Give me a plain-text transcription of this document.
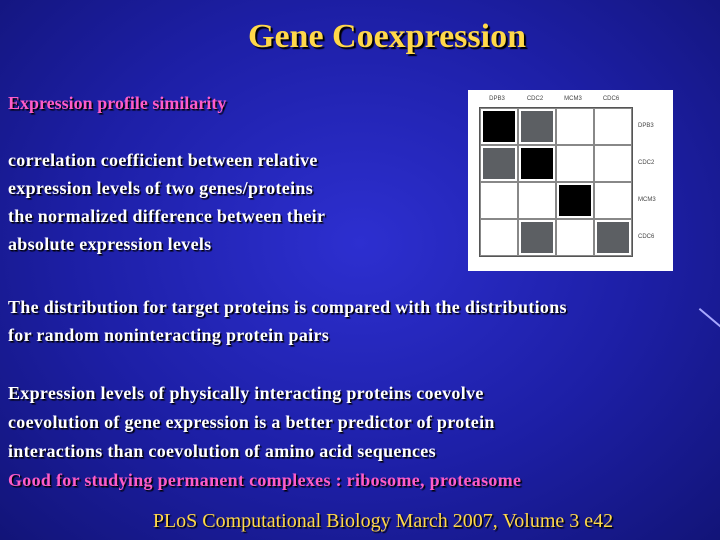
Gene Coexpression
Expression profile similarity
correlation coefficient between relative
expression levels of two genes/proteins
the normalized difference between their
absolute expression levels
DPB3	CDC2	MCM3	CDC6
DPB3
CDC2
MCM3
CDC6
The distribution for target proteins is compared with the distributions
for random noninteracting protein pairs
Expression levels of physically interacting proteins coevolve
coevolution of gene expression is a better predictor of protein
interactions than coevolution of amino acid sequences
Good for studying permanent complexes : ribosome, proteasome
PLoS Computational Biology March 2007, Volume 3 e42
